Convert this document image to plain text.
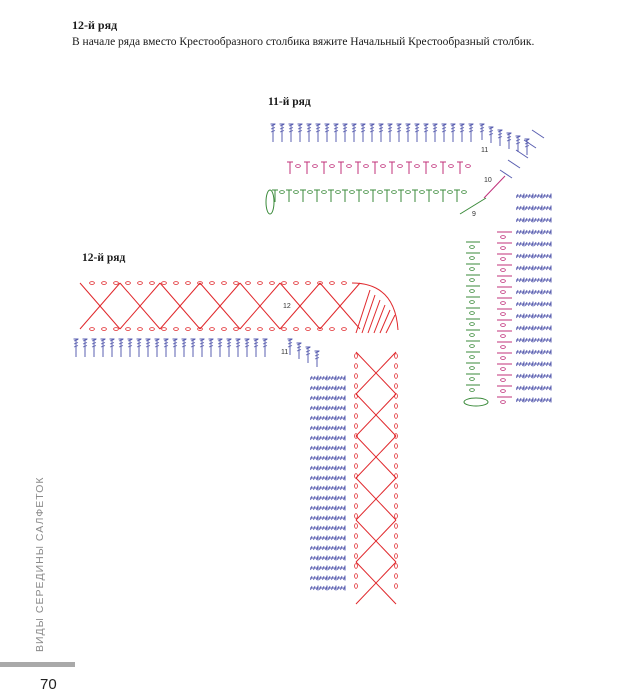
12-й ряд
В начале ряда вместо Крестообразного столбика вяжите Начальный Крестообразный столбик.
11
10
9
12
11
11-й ряд
12-й ряд
ВИДЫ СЕРЕДИНЫ САЛФЕТОК
70
